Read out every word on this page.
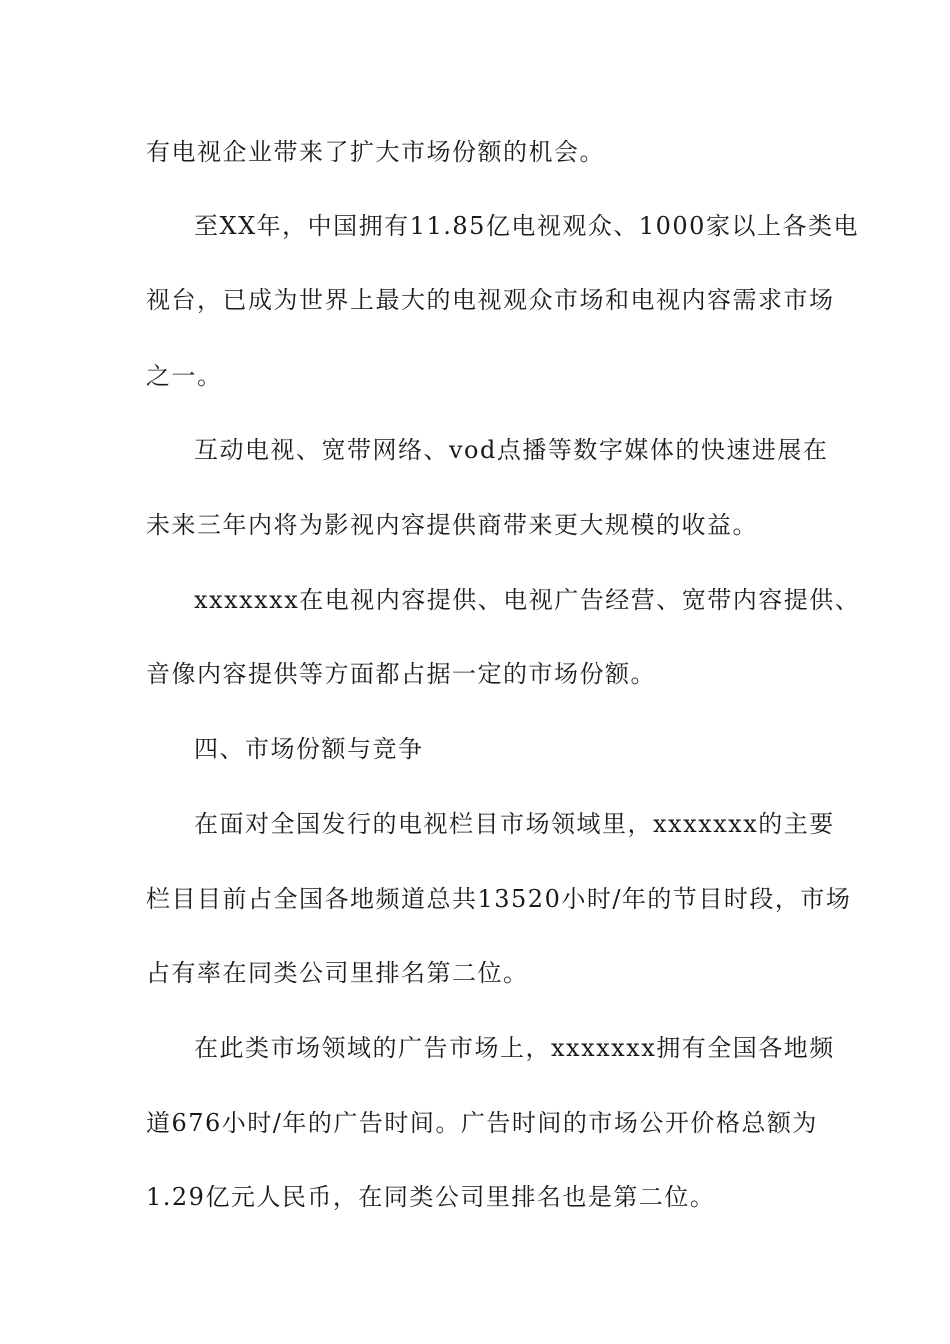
有电视企业带来了扩大市场份额的机会。
至XX年，中国拥有11.85亿电视观众、1000家以上各类电
视台，已成为世界上最大的电视观众市场和电视内容需求市场
之一。
互动电视、宽带网络、vod点播等数字媒体的快速进展在
未来三年内将为影视内容提供商带来更大规模的收益。
xxxxxxx在电视内容提供、电视广告经营、宽带内容提供、
音像内容提供等方面都占据一定的市场份额。
四、市场份额与竞争
在面对全国发行的电视栏目市场领域里，xxxxxxx的主要
栏目目前占全国各地频道总共13520小时/年的节目时段，市场
占有率在同类公司里排名第二位。
在此类市场领域的广告市场上，xxxxxxx拥有全国各地频
道676小时/年的广告时间。广告时间的市场公开价格总额为
1.29亿元人民币，在同类公司里排名也是第二位。
